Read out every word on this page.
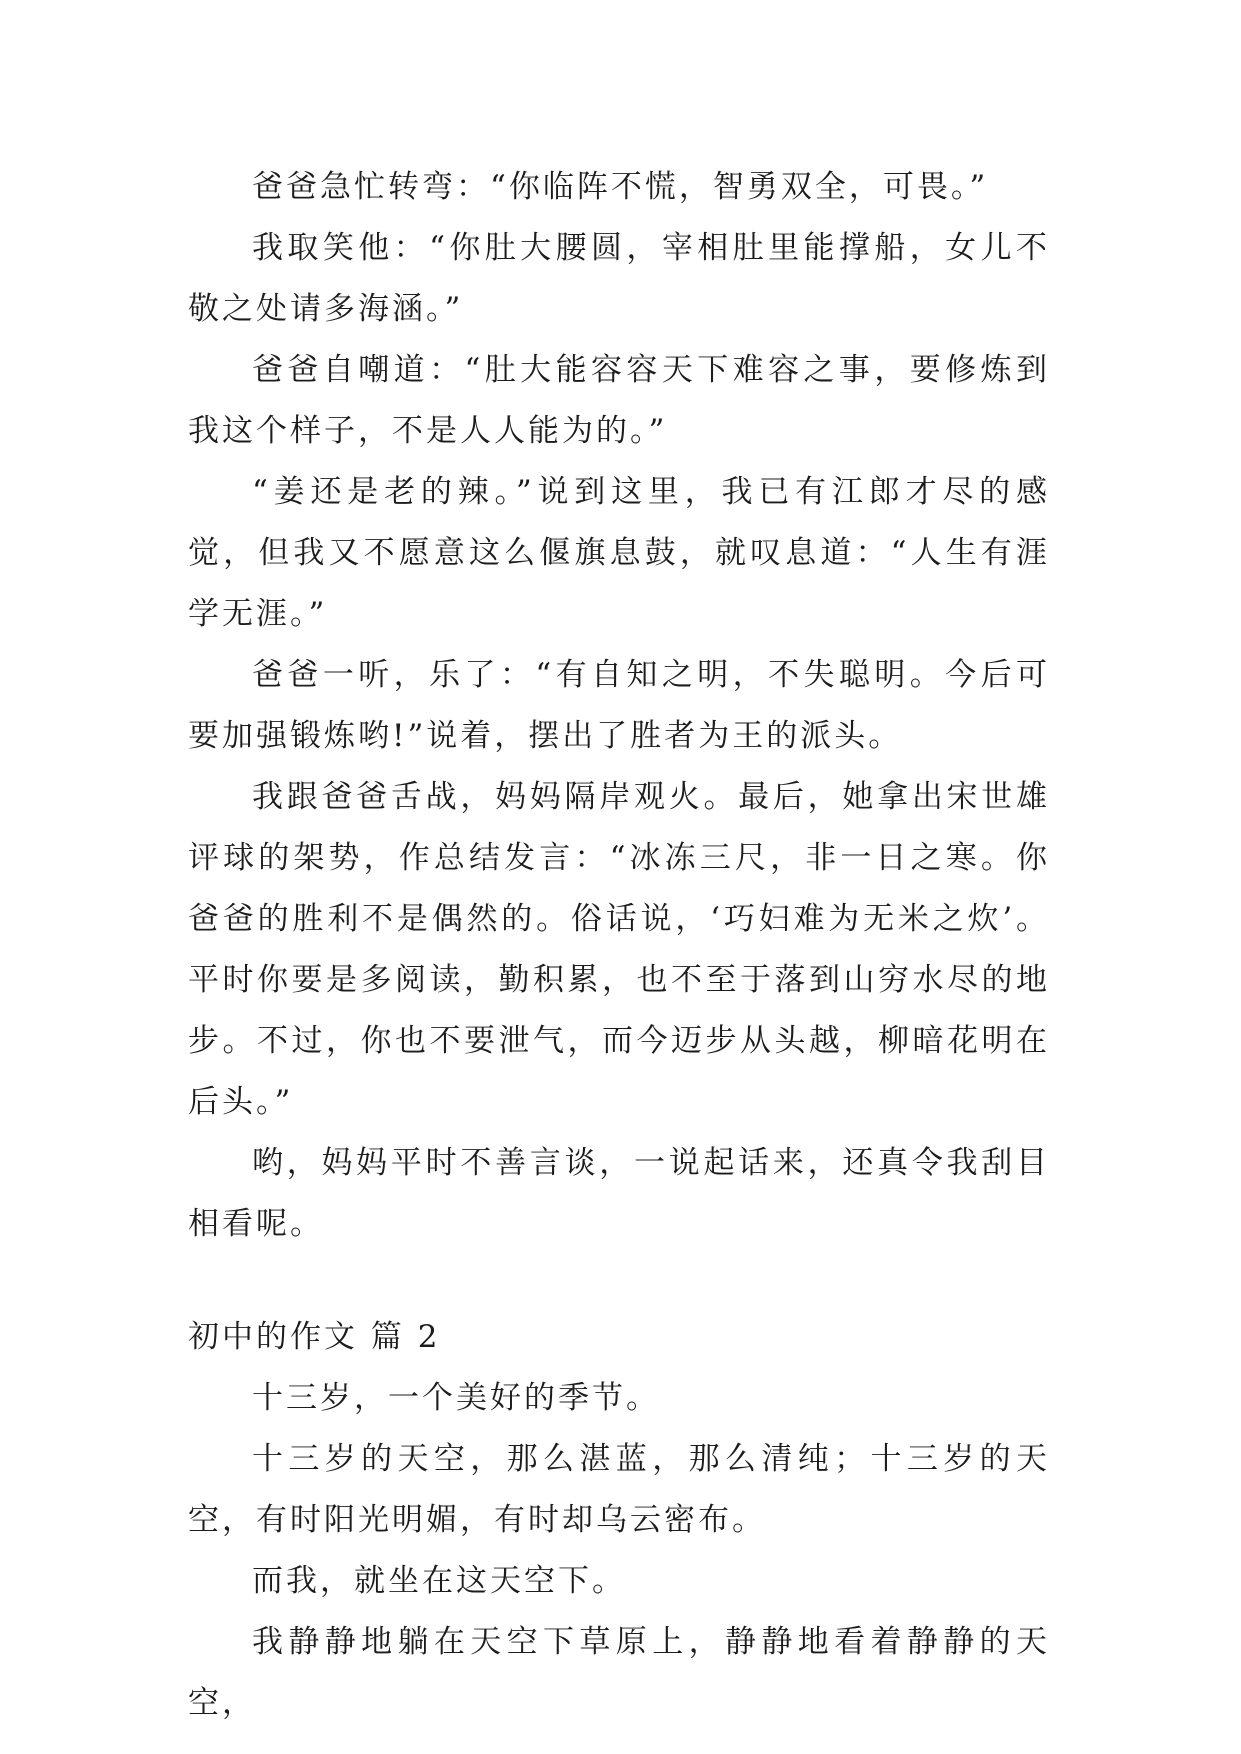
爸爸急忙转弯：“你临阵不慌，智勇双全，可畏。”

我取笑他：“你肚大腰圆，宰相肚里能撑船，女儿不敬之处请多海涵。”

爸爸自嘲道：“肚大能容容天下难容之事，要修炼到我这个样子，不是人人能为的。”

“姜还是老的辣。”说到这里，我已有江郎才尽的感觉，但我又不愿意这么偃旗息鼓，就叹息道：“人生有涯学无涯。”

爸爸一听，乐了：“有自知之明，不失聪明。今后可要加强锻炼哟!”说着，摆出了胜者为王的派头。

我跟爸爸舌战，妈妈隔岸观火。最后，她拿出宋世雄评球的架势，作总结发言：“冰冻三尺，非一日之寒。你爸爸的胜利不是偶然的。俗话说，‘巧妇难为无米之炊’。平时你要是多阅读，勤积累，也不至于落到山穷水尽的地步。不过，你也不要泄气，而今迈步从头越，柳暗花明在后头。”

哟，妈妈平时不善言谈，一说起话来，还真令我刮目相看呢。

初中的作文 篇 2

十三岁，一个美好的季节。

十三岁的天空，那么湛蓝，那么清纯；十三岁的天空，有时阳光明媚，有时却乌云密布。

而我，就坐在这天空下。

我静静地躺在天空下草原上，静静地看着静静的天空，
